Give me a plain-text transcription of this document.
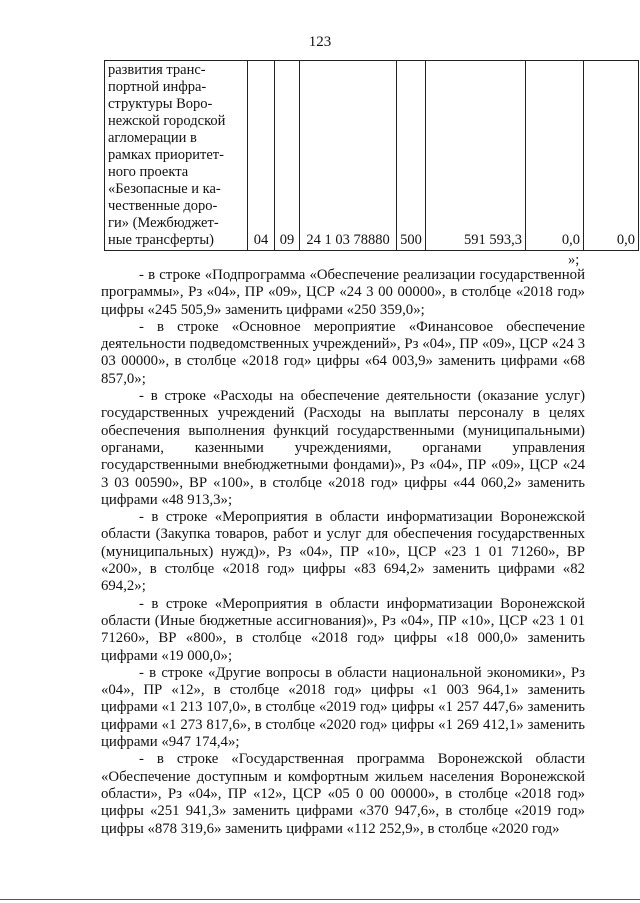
123
развития транс-
портной инфра-
структуры Воро-
нежской городской
агломерации в
рамках приоритет-
ного проекта
«Безопасные и ка-
чественные доро-
ги» (Межбюджет-
ные трансферты)	04	09	24 1 03 78880	500	591 593,3	0,0	0,0
»;

- в строке «Подпрограмма «Обеспечение реализации государственной программы», Рз «04», ПР «09», ЦСР «24 3 00 00000», в столбце «2018 год» цифры «245 505,9» заменить цифрами «250 359,0»;

- в строке «Основное мероприятие «Финансовое обеспечение деятельности подведомственных учреждений», Рз «04», ПР «09», ЦСР «24 3 03 00000», в столбце «2018 год» цифры «64 003,9» заменить цифрами «68 857,0»;

- в строке «Расходы на обеспечение деятельности (оказание услуг) государственных учреждений (Расходы на выплаты персоналу в целях обеспечения выполнения функций государственными (муниципальными) органами, казенными учреждениями, органами управления государственными внебюджетными фондами)», Рз «04», ПР «09», ЦСР «24 3 03 00590», ВР «100», в столбце «2018 год» цифры «44 060,2» заменить цифрами «48 913,3»;

- в строке «Мероприятия в области информатизации Воронежской области (Закупка товаров, работ и услуг для обеспечения государственных (муниципальных) нужд)», Рз «04», ПР «10», ЦСР «23 1 01 71260», ВР «200», в столбце «2018 год» цифры «83 694,2» заменить цифрами «82 694,2»;

- в строке «Мероприятия в области информатизации Воронежской области (Иные бюджетные ассигнования)», Рз «04», ПР «10», ЦСР «23 1 01 71260», ВР «800», в столбце «2018 год» цифры «18 000,0» заменить цифрами «19 000,0»;

- в строке «Другие вопросы в области национальной экономики», Рз «04», ПР «12», в столбце «2018 год» цифры «1 003 964,1» заменить цифрами «1 213 107,0», в столбце «2019 год» цифры «1 257 447,6» заменить цифрами «1 273 817,6», в столбце «2020 год» цифры «1 269 412,1» заменить цифрами «947 174,4»;

- в строке «Государственная программа Воронежской области «Обеспечение доступным и комфортным жильем населения Воронежской области», Рз «04», ПР «12», ЦСР «05 0 00 00000», в столбце «2018 год» цифры «251 941,3» заменить цифрами «370 947,6», в столбце «2019 год» цифры «878 319,6» заменить цифрами «112 252,9», в столбце «2020 год»
